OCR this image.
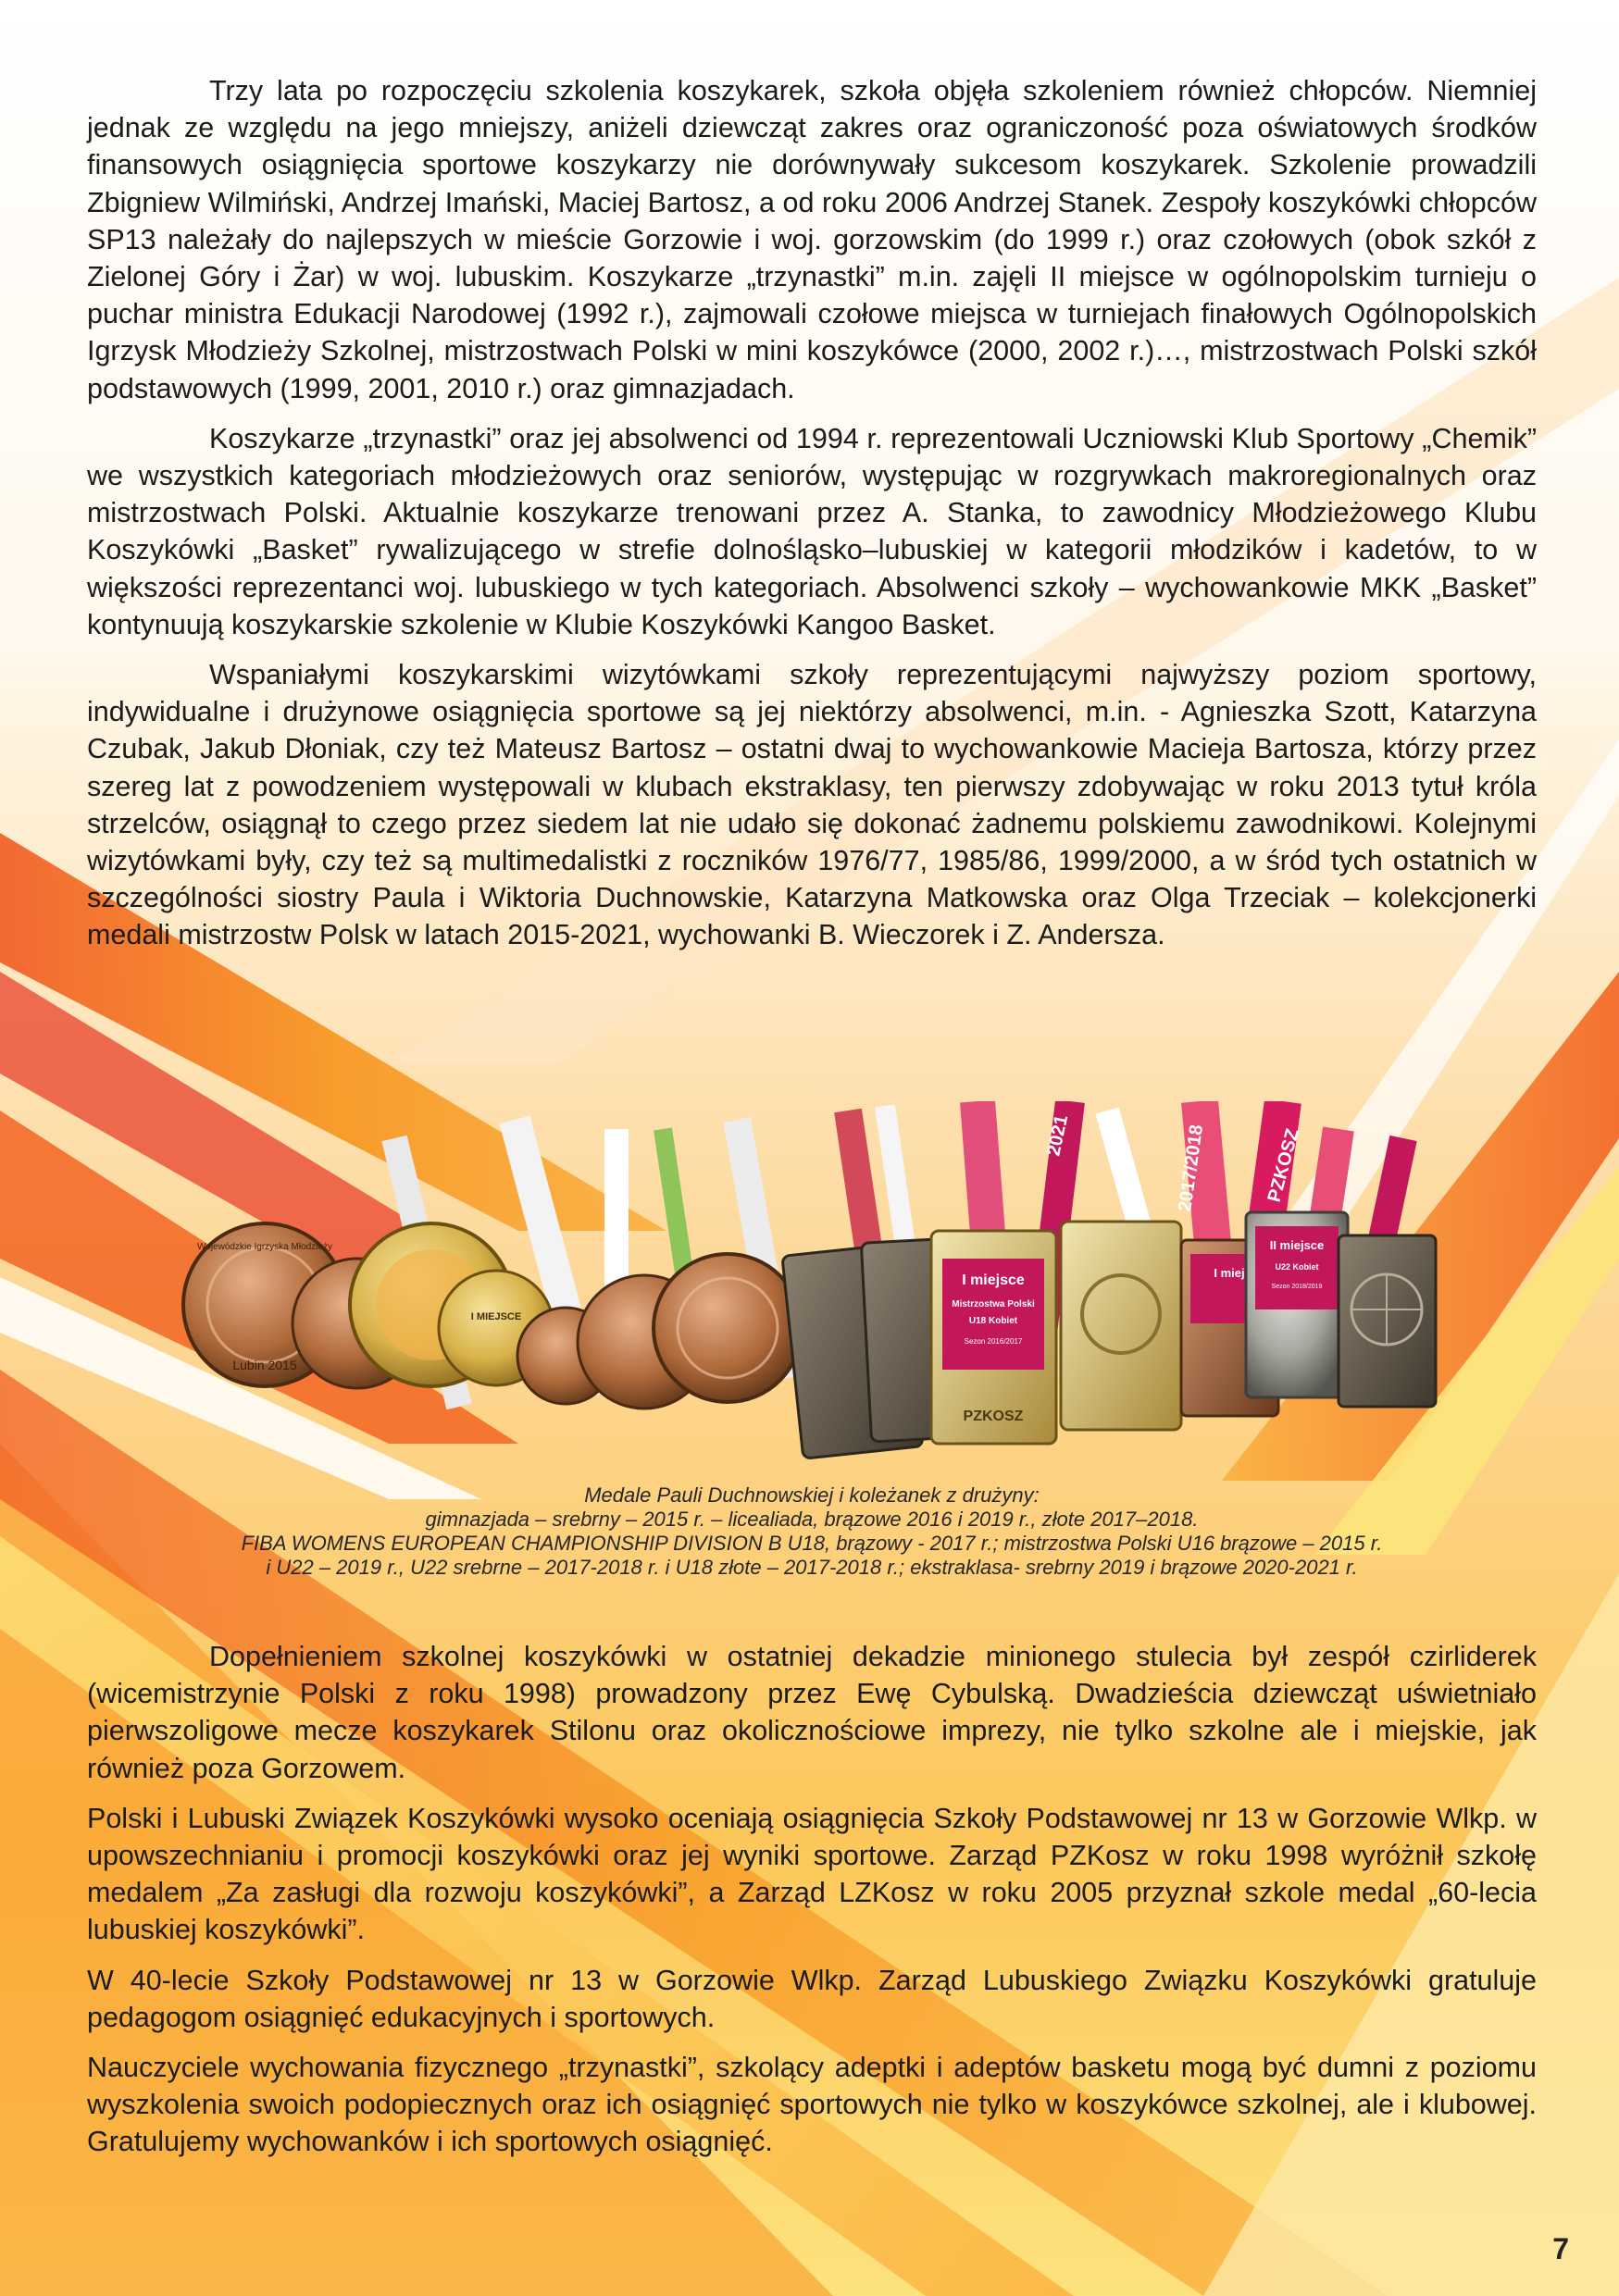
Trzy lata po rozpoczęciu szkolenia koszykarek, szkoła objęła szkoleniem również chłopców. Niemniej jednak ze względu na jego mniejszy, aniżeli dziewcząt zakres oraz ograniczoność poza oświatowych środków finansowych osiągnięcia sportowe koszykarzy nie dorównywały sukcesom koszykarek. Szkolenie prowadzili Zbigniew Wilmiński, Andrzej Imański, Maciej Bartosz, a od roku 2006 Andrzej Stanek. Zespoły koszykówki chłopców SP13 należały do najlepszych w mieście Gorzowie i woj. gorzowskim (do 1999 r.) oraz czołowych (obok szkół z Zielonej Góry i Żar) w woj. lubuskim. Koszykarze „trzynastki” m.in. zajęli II miejsce w ogólnopolskim turnieju o puchar ministra Edukacji Narodowej (1992 r.), zajmowali czołowe miejsca w turniejach finałowych Ogólnopolskich Igrzysk Młodzieży Szkolnej, mistrzostwach Polski w mini koszykówce (2000, 2002 r.)…, mistrzostwach Polski szkół podstawowych (1999, 2001, 2010 r.) oraz gimnazjadach.

Koszykarze „trzynastki” oraz jej absolwenci od 1994 r. reprezentowali Uczniowski Klub Sportowy „Chemik” we wszystkich kategoriach młodzieżowych oraz seniorów, występując w rozgrywkach makroregionalnych oraz mistrzostwach Polski. Aktualnie koszykarze trenowani przez A. Stanka, to zawodnicy Młodzieżowego Klubu Koszykówki „Basket” rywalizującego w strefie dolnośląsko–lubuskiej w kategorii młodzików i kadetów, to w większości reprezentanci woj. lubuskiego w tych kategoriach. Absolwenci szkoły – wychowankowie MKK „Basket” kontynuują koszykarskie szkolenie w Klubie Koszykówki Kangoo Basket.

Wspaniałymi koszykarskimi wizytówkami szkoły reprezentującymi najwyższy poziom sportowy, indywidualne i drużynowe osiągnięcia sportowe są jej niektórzy absolwenci, m.in. - Agnieszka Szott, Katarzyna Czubak, Jakub Dłoniak, czy też Mateusz Bartosz – ostatni dwaj to wychowankowie Macieja Bartosza, którzy przez szereg lat z powodzeniem występowali w klubach ekstraklasy, ten pierwszy zdobywając w roku 2013 tytuł króla strzelców, osiągnął to czego przez siedem lat nie udało się dokonać żadnemu polskiemu zawodnikowi. Kolejnymi wizytówkami były, czy też są multimedalistki z roczników 1976/77, 1985/86, 1999/2000, a w śród tych ostatnich w szczególności siostry Paula i Wiktoria Duchnowskie, Katarzyna Matkowska oraz Olga Trzeciak – kolekcjonerki medali mistrzostw Polsk w latach 2015-2021, wychowanki B. Wieczorek i Z. Andersza.

2021	2017/2018	PZKOSZ
Wojewódzkie Igrzyska Młodzieży
Lubin 2015
I MIEJSCE
I miejsce
Mistrzostwa Polski
U18 Kobiet
Sezon 2016/2017
PZKOSZ
I miej
II miejsce
U22 Kobiet
Sezon 2018/2019
Medale Pauli Duchnowskiej i koleżanek z drużyny:
gimnazjada – srebrny – 2015 r. – licealiada, brązowe 2016 i 2019 r., złote 2017–2018.
FIBA WOMENS EUROPEAN CHAMPIONSHIP DIVISION B U18, brązowy - 2017 r.; mistrzostwa Polski U16 brązowe – 2015 r.
i U22 – 2019 r., U22 srebrne – 2017-2018 r. i U18 złote – 2017-2018 r.; ekstraklasa- srebrny 2019 i brązowe 2020-2021 r.

Dopełnieniem szkolnej koszykówki w ostatniej dekadzie minionego stulecia był zespół czirliderek (wicemistrzynie Polski z roku 1998) prowadzony przez Ewę Cybulską. Dwadzieścia dziewcząt uświetniało pierwszoligowe mecze koszykarek Stilonu oraz okolicznościowe imprezy, nie tylko szkolne ale i miejskie, jak również poza Gorzowem.

Polski i Lubuski Związek Koszykówki wysoko oceniają osiągnięcia Szkoły Podstawowej nr 13 w Gorzowie Wlkp. w upowszechnianiu i promocji koszykówki oraz jej wyniki sportowe. Zarząd PZKosz w roku 1998 wyróżnił szkołę medalem „Za zasługi dla rozwoju koszykówki”, a Zarząd LZKosz w roku 2005 przyznał szkole medal „60-lecia lubuskiej koszykówki”.

W 40-lecie Szkoły Podstawowej nr 13 w Gorzowie Wlkp. Zarząd Lubuskiego Związku Koszykówki gratuluje pedagogom osiągnięć edukacyjnych i sportowych.

Nauczyciele wychowania fizycznego „trzynastki”, szkolący adeptki i adeptów basketu mogą być dumni z poziomu wyszkolenia swoich podopiecznych oraz ich osiągnięć sportowych nie tylko w koszykówce szkolnej, ale i klubowej. Gratulujemy wychowanków i ich sportowych osiągnięć.

7
